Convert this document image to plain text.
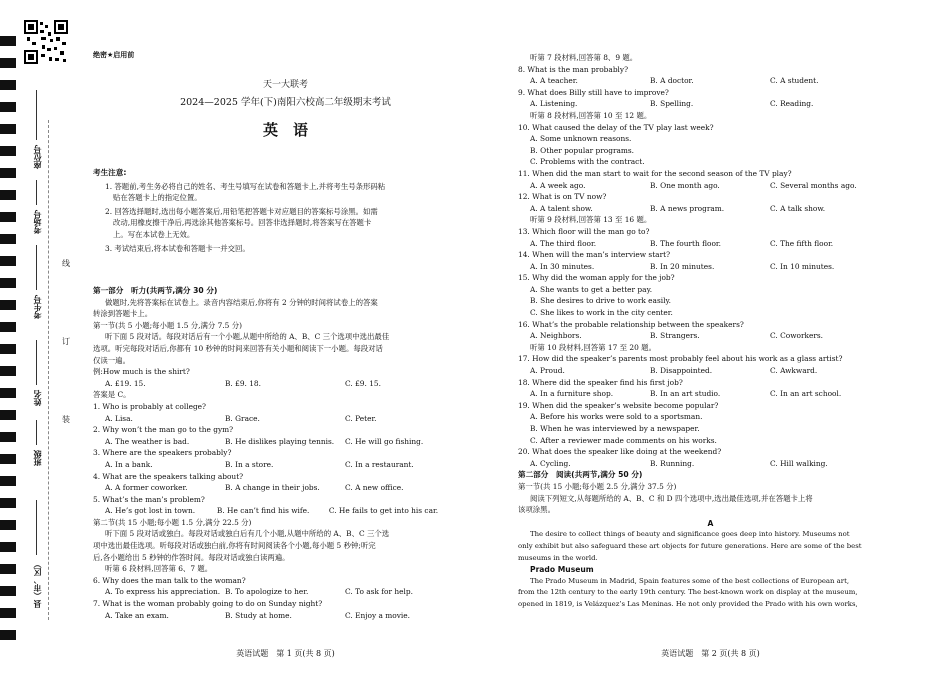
座位号
考场号
考生号
姓名
班级
县（市、区）
线
订
装
绝密★启用前
天一大联考
2024—2025 学年(下)南阳六校高二年级期末考试
英　语
考生注意:
1. 答题前,考生务必将自己的姓名、考生号填写在试卷和答题卡上,并将考生号条形码粘
贴在答题卡上的指定位置。
2. 回答选择题时,选出每小题答案后,用铅笔把答题卡对应题目的答案标号涂黑。如需
改动,用橡皮擦干净后,再选涂其他答案标号。回答非选择题时,将答案写在答题卡
上。写在本试卷上无效。
3. 考试结束后,将本试卷和答题卡一并交回。
第一部分　听力(共两节,满分 30 分)
做题时,先将答案标在试卷上。录音内容结束后,你将有 2 分钟的时间将试卷上的答案
转涂到答题卡上。
第一节(共 5 小题;每小题 1.5 分,满分 7.5 分)
听下面 5 段对话。每段对话后有一个小题,从题中所给的 A、B、C 三个选项中选出最佳
选项。听完每段对话后,你都有 10 秒钟的时间来回答有关小题和阅读下一小题。每段对话
仅读一遍。
例:How much is the shirt?
A. £19. 15.	B. £9. 18.	C. £9. 15.
答案是 C。
1. Who is probably at college?
A. Lisa.	B. Grace.	C. Peter.
2. Why won’t the man go to the gym?
A. The weather is bad.	B. He dislikes playing tennis.	C. He will go fishing.
3. Where are the speakers probably?
A. In a bank.	B. In a store.	C. In a restaurant.
4. What are the speakers talking about?
A. A former coworker.	B. A change in their jobs.	C. A new office.
5. What’s the man’s problem?
A. He’s got lost in town.	B. He can’t find his wife.	C. He fails to get into his car.
第二节(共 15 小题;每小题 1.5 分,满分 22.5 分)
听下面 5 段对话或独白。每段对话或独白后有几个小题,从题中所给的 A、B、C 三个选
项中选出最佳选项。听每段对话或独白前,你将有时间阅读各个小题,每小题 5 秒钟;听完
后,各小题给出 5 秒钟的作答时间。每段对话或独白读两遍。
听第 6 段材料,回答第 6、7 题。
6. Why does the man talk to the woman?
A. To express his appreciation. B. To apologize to her.	C. To ask for help.
7. What is the woman probably going to do on Sunday night?
A. Take an exam.	B. Study at home.	C. Enjoy a movie.
英语试题　第 1 页(共 8 页)
听第 7 段材料,回答第 8、9 题。
8. What is the man probably?
A. A teacher.	B. A doctor.	C. A student.
9. What does Billy still have to improve?
A. Listening.	B. Spelling.	C. Reading.
听第 8 段材料,回答第 10 至 12 题。
10. What caused the delay of the TV play last week?
A. Some unknown reasons.
B. Other popular programs.
C. Problems with the contract.
11. When did the man start to wait for the second season of the TV play?
A. A week ago.	B. One month ago.	C. Several months ago.
12. What is on TV now?
A. A talent show.	B. A news program.	C. A talk show.
听第 9 段材料,回答第 13 至 16 题。
13. Which floor will the man go to?
A. The third floor.	B. The fourth floor.	C. The fifth floor.
14. When will the man’s interview start?
A. In 30 minutes.	B. In 20 minutes.	C. In 10 minutes.
15. Why did the woman apply for the job?
A. She wants to get a better pay.
B. She desires to drive to work easily.
C. She likes to work in the city center.
16. What’s the probable relationship between the speakers?
A. Neighbors.	B. Strangers.	C. Coworkers.
听第 10 段材料,回答第 17 至 20 题。
17. How did the speaker’s parents most probably feel about his work as a glass artist?
A. Proud.	B. Disappointed.	C. Awkward.
18. Where did the speaker find his first job?
A. In a furniture shop.	B. In an art studio.	C. In an art school.
19. When did the speaker’s website become popular?
A. Before his works were sold to a sportsman.
B. When he was interviewed by a newspaper.
C. After a reviewer made comments on his works.
20. What does the speaker like doing at the weekend?
A. Cycling.	B. Running.	C. Hill walking.
第二部分　阅读(共两节,满分 50 分)
第一节(共 15 小题;每小题 2.5 分,满分 37.5 分)
阅读下列短文,从每题所给的 A、B、C 和 D 四个选项中,选出最佳选项,并在答题卡上将
该项涂黑。
A
The desire to collect things of beauty and significance goes deep into history. Museums not
only exhibit but also safeguard these art objects for future generations. Here are some of the best
museums in the world.
Prado Museum
The Prado Museum in Madrid, Spain features some of the best collections of European art,
from the 12th century to the early 19th century. The best-known work on display at the museum,
opened in 1819, is Velázquez’s Las Meninas. He not only provided the Prado with his own works,
英语试题　第 2 页(共 8 页)
